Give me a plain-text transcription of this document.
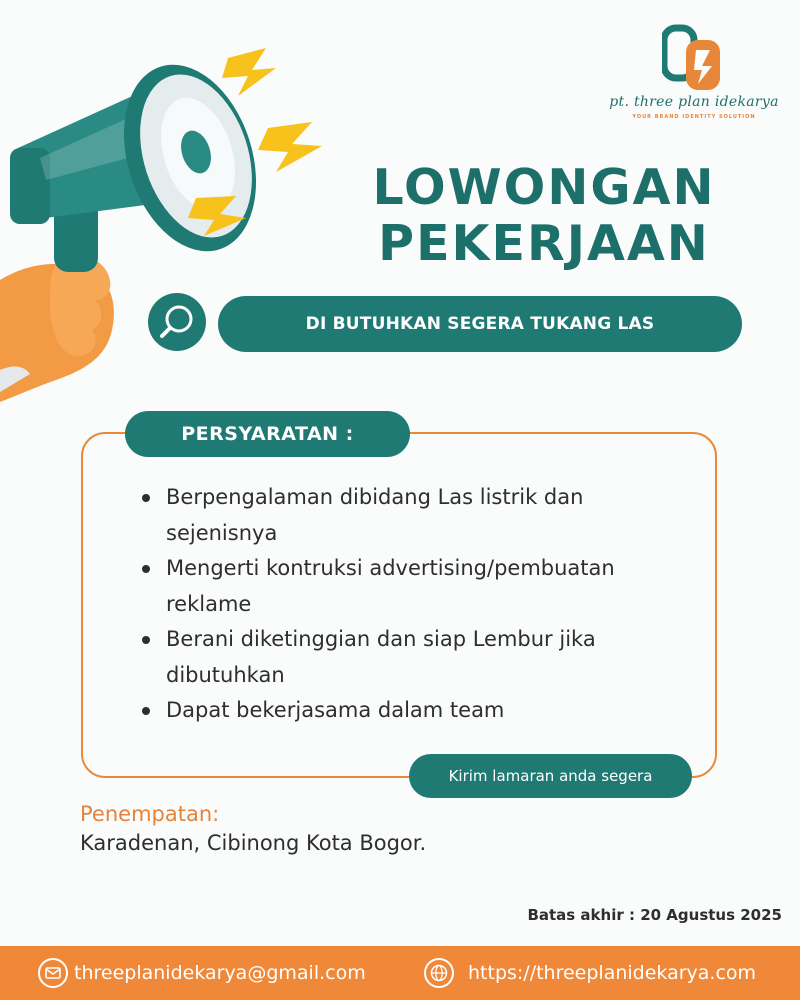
pt. three plan idekarya
YOUR BRAND IDENTITY SOLUTION
LOWONGAN
PEKERJAAN
DI BUTUHKAN SEGERA TUKANG LAS
PERSYARATAN :
Berpengalaman dibidang Las listrik dan sejenisnya
Mengerti kontruksi advertising/pembuatan reklame
Berani diketinggian dan siap Lembur jika dibutuhkan
Dapat bekerjasama dalam team
Kirim lamaran anda segera
Penempatan:
Karadenan, Cibinong Kota Bogor.
Batas akhir : 20 Agustus 2025
threeplanidekarya@gmail.com	https://threeplanidekarya.com
